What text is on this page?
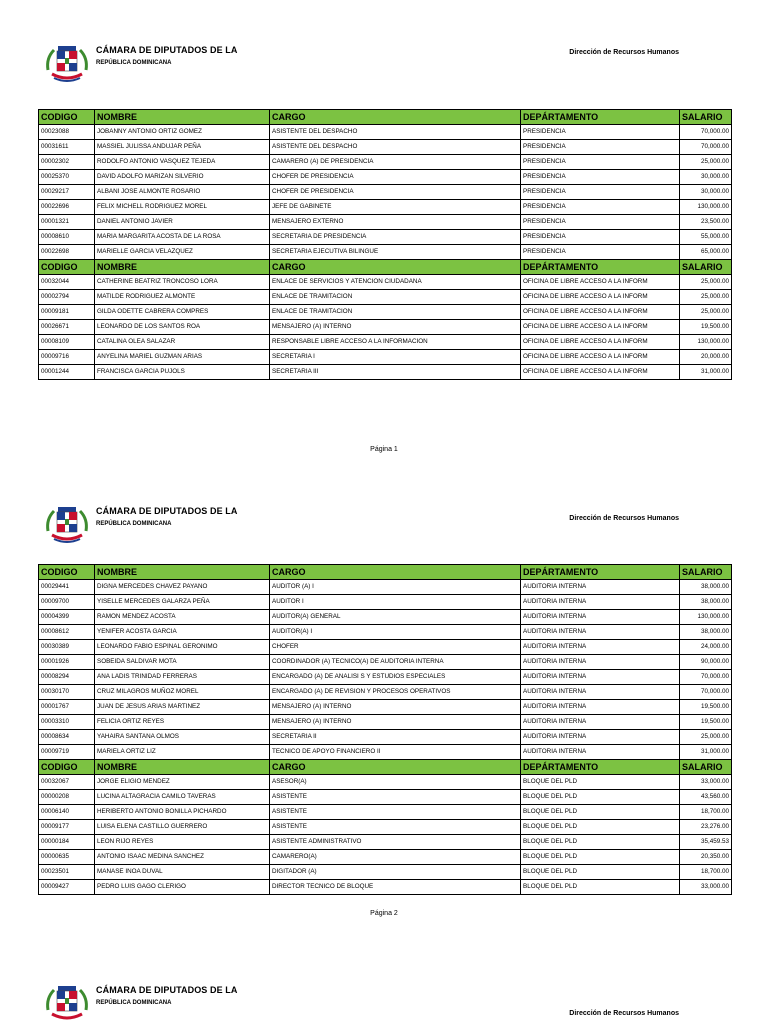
CÁMARA DE DIPUTADOS DE LA
REPÚBLICA DOMINICANA
Dirección de Recursos Humanos
CODIGO	NOMBRE	CARGO	DEPÁRTAMENTO	SALARIO
00023088	JOBANNY ANTONIO ORTIZ GOMEZ	ASISTENTE DEL DESPACHO	PRESIDENCIA	70,000.00
00031611	MASSIEL JULISSA ANDUJAR PEÑA	ASISTENTE DEL DESPACHO	PRESIDENCIA	70,000.00
00002302	RODOLFO ANTONIO VASQUEZ TEJEDA	CAMARERO (A) DE PRESIDENCIA	PRESIDENCIA	25,000.00
00025370	DAVID ADOLFO MARIZAN SILVERIO	CHOFER DE PRESIDENCIA	PRESIDENCIA	30,000.00
00029217	ALBANI JOSE ALMONTE ROSARIO	CHOFER DE PRESIDENCIA	PRESIDENCIA	30,000.00
00022696	FELIX MICHELL RODRIGUEZ MOREL	JEFE DE GABINETE	PRESIDENCIA	130,000.00
00001321	DANIEL ANTONIO JAVIER	MENSAJERO EXTERNO	PRESIDENCIA	23,500.00
00008610	MARIA MARGARITA ACOSTA DE LA ROSA	SECRETARIA DE PRESIDENCIA	PRESIDENCIA	55,000.00
00022698	MARIELLE GARCIA VELAZQUEZ	SECRETARIA EJECUTIVA BILINGUE	PRESIDENCIA	65,000.00
CODIGO	NOMBRE	CARGO	DEPÁRTAMENTO	SALARIO
00032044	CATHERINE BEATRIZ TRONCOSO LORA	ENLACE DE SERVICIOS Y ATENCION CIUDADANA	OFICINA DE LIBRE ACCESO A LA INFORM	25,000.00
00002794	MATILDE RODRIGUEZ ALMONTE	ENLACE DE TRAMITACION	OFICINA DE LIBRE ACCESO A LA INFORM	25,000.00
00009181	GILDA ODETTE CABRERA COMPRES	ENLACE DE TRAMITACION	OFICINA DE LIBRE ACCESO A LA INFORM	25,000.00
00026671	LEONARDO DE LOS SANTOS ROA	MENSAJERO (A) INTERNO	OFICINA DE LIBRE ACCESO A LA INFORM	19,500.00
00008109	CATALINA OLEA SALAZAR	RESPONSABLE LIBRE ACCESO A LA INFORMACION	OFICINA DE LIBRE ACCESO A LA INFORM	130,000.00
00009716	ANYELINA MARIEL GUZMAN ARIAS	SECRETARIA I	OFICINA DE LIBRE ACCESO A LA INFORM	20,000.00
00001244	FRANCISCA GARCIA PUJOLS	SECRETARIA III	OFICINA DE LIBRE ACCESO A LA INFORM	31,000.00
Página 1
CÁMARA DE DIPUTADOS DE LA
REPÚBLICA DOMINICANA
Dirección de Recursos Humanos
CODIGO	NOMBRE	CARGO	DEPÁRTAMENTO	SALARIO
00029441	DIGNA MERCEDES CHAVEZ PAYANO	AUDITOR (A) I	AUDITORIA INTERNA	38,000.00
00009700	YISELLE MERCEDES GALARZA PEÑA	AUDITOR I	AUDITORIA INTERNA	38,000.00
00004399	RAMON MENDEZ ACOSTA	AUDITOR(A) GENERAL	AUDITORIA INTERNA	130,000.00
00008612	YENIFER ACOSTA GARCIA	AUDITOR(A) I	AUDITORIA INTERNA	38,000.00
00030389	LEONARDO FABIO ESPINAL GERONIMO	CHOFER	AUDITORIA INTERNA	24,000.00
00001926	SOBEIDA SALDIVAR MOTA	COORDINADOR (A) TECNICO(A) DE AUDITORIA INTERNA	AUDITORIA INTERNA	90,000.00
00008294	ANA LADIS TRINIDAD FERRERAS	ENCARGADO (A) DE ANALISI S Y ESTUDIOS ESPECIALES	AUDITORIA INTERNA	70,000.00
00030170	CRUZ MILAGROS MUÑOZ MOREL	ENCARGADO (A) DE REVISION Y PROCESOS OPERATIVOS	AUDITORIA INTERNA	70,000.00
00001767	JUAN DE JESUS ARIAS MARTINEZ	MENSAJERO (A) INTERNO	AUDITORIA INTERNA	19,500.00
00003310	FELICIA ORTIZ REYES	MENSAJERO (A) INTERNO	AUDITORIA INTERNA	19,500.00
00008634	YAHAIRA SANTANA OLMOS	SECRETARIA II	AUDITORIA INTERNA	25,000.00
00009719	MARIELA ORTIZ LIZ	TECNICO DE APOYO FINANCIERO II	AUDITORIA INTERNA	31,000.00
CODIGO	NOMBRE	CARGO	DEPÁRTAMENTO	SALARIO
00032067	JORGE ELIGIO MENDEZ	ASESOR(A)	BLOQUE DEL PLD	33,000.00
00000208	LUCINA ALTAGRACIA CAMILO TAVERAS	ASISTENTE	BLOQUE DEL PLD	43,560.00
00006140	HERIBERTO ANTONIO BONILLA PICHARDO	ASISTENTE	BLOQUE DEL PLD	18,700.00
00009177	LUISA ELENA CASTILLO GUERRERO	ASISTENTE	BLOQUE DEL PLD	23,276.00
00000184	LEON RIJO REYES	ASISTENTE ADMINISTRATIVO	BLOQUE DEL PLD	35,459.53
00000635	ANTONIO ISAAC MEDINA SANCHEZ	CAMARERO(A)	BLOQUE DEL PLD	20,350.00
00023501	MANASE INOA DUVAL	DIGITADOR (A)	BLOQUE DEL PLD	18,700.00
00009427	PEDRO LUIS GAGO CLERIGO	DIRECTOR TECNICO DE BLOQUE	BLOQUE DEL PLD	33,000.00
Página 2
CÁMARA DE DIPUTADOS DE LA
REPÚBLICA DOMINICANA
Dirección de Recursos Humanos
